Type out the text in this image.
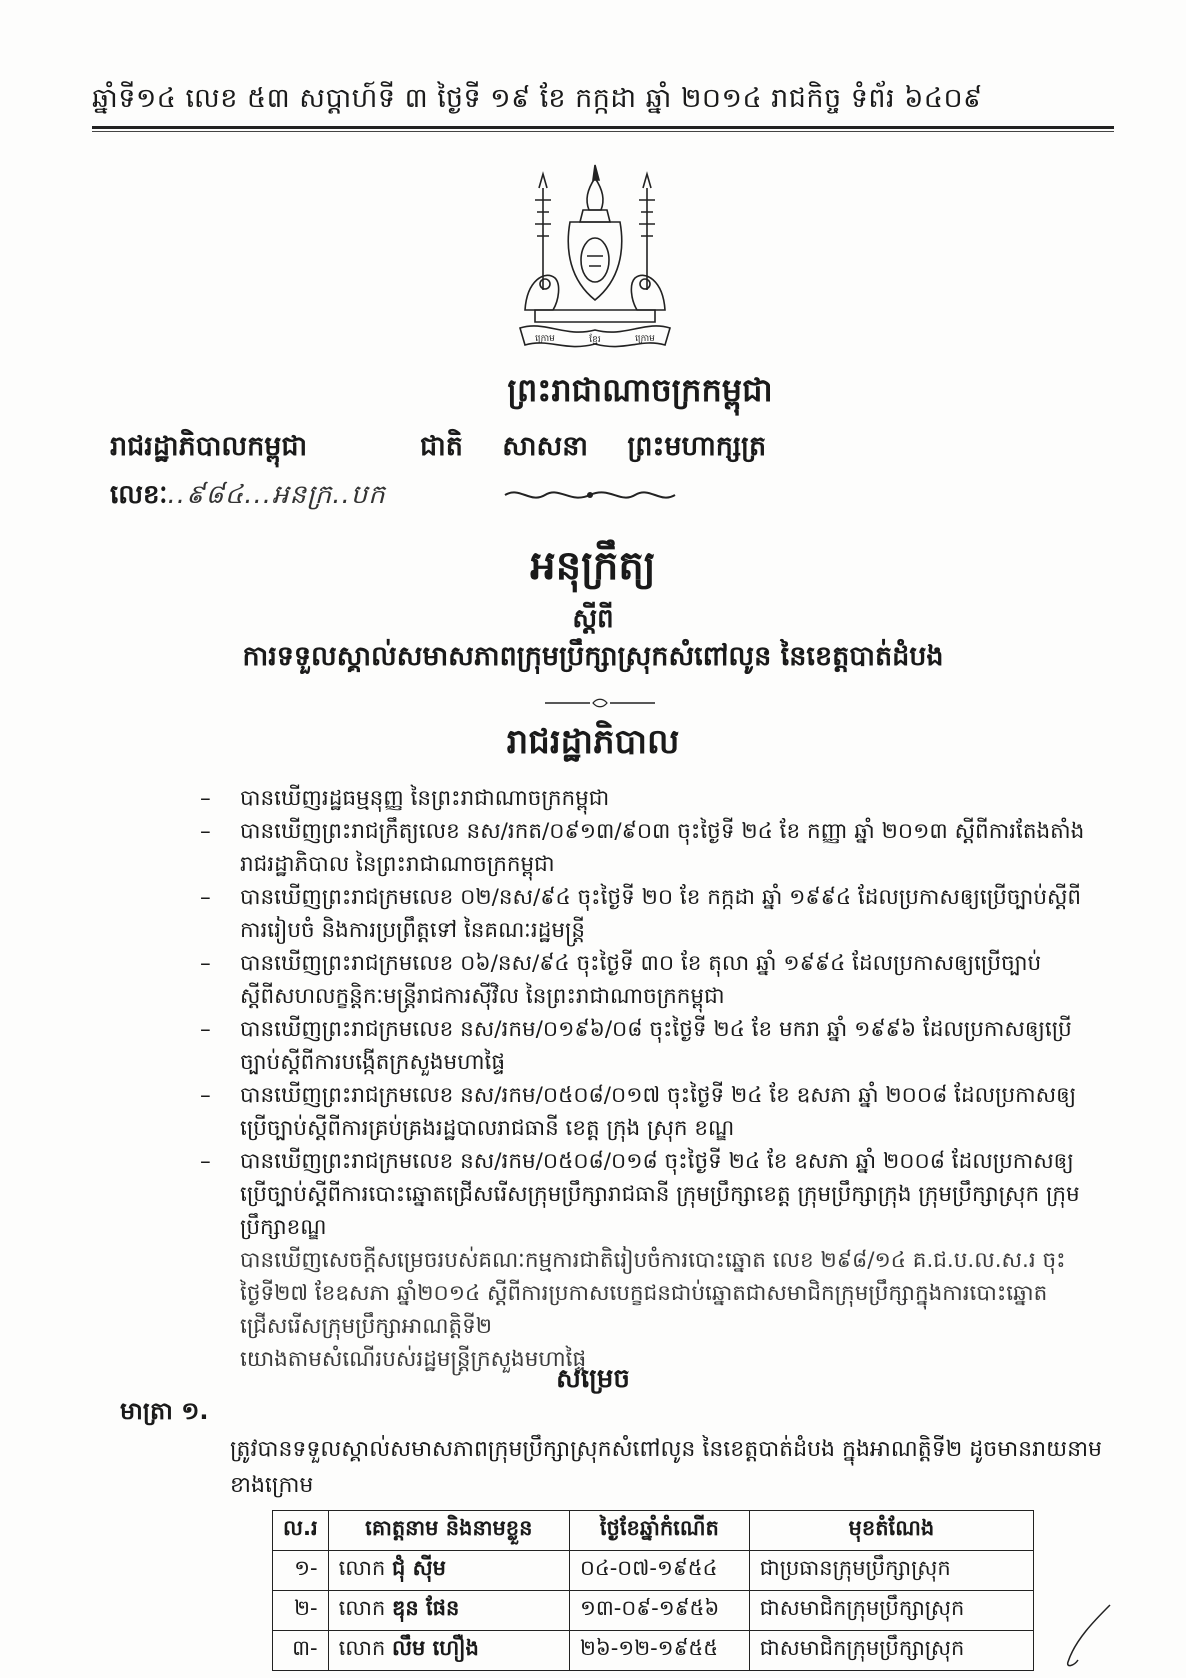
ឆ្នាំទី១៤ លេខ ៥៣ សប្តាហ៍ទី ៣ ថ្ងៃទី ១៩ ខែ កក្កដា ឆ្នាំ ២០១៤ រាជកិច្ច ទំព័រ ៦៤០៩
ក្រោម	ខ្មែរ	ក្រោម
ព្រះរាជាណាចក្រកម្ពុជា
រាជរដ្ឋាភិបាលកម្ពុជា	ជាតិ សាសនា ព្រះមហាក្សត្រ
លេខៈ..៩៨៤...អនក្រ..បក
អនុក្រឹត្យ
ស្តីពី
ការទទួលស្គាល់សមាសភាពក្រុមប្រឹក្សាស្រុកសំពៅលូន នៃខេត្តបាត់ដំបង
រាជរដ្ឋាភិបាល
– បានឃើញរដ្ឋធម្មនុញ្ញ នៃព្រះរាជាណាចក្រកម្ពុជា
– បានឃើញព្រះរាជក្រឹត្យលេខ នស/រកត/០៩១៣/៩០៣ ចុះថ្ងៃទី ២៤ ខែ កញ្ញា ឆ្នាំ ២០១៣ ស្តីពីការតែងតាំងរាជរដ្ឋាភិបាល នៃព្រះរាជាណាចក្រកម្ពុជា
– បានឃើញព្រះរាជក្រមលេខ ០២/នស/៩៤ ចុះថ្ងៃទី ២០ ខែ កក្កដា ឆ្នាំ ១៩៩៤ ដែលប្រកាសឲ្យប្រើច្បាប់ស្តីពីការរៀបចំ និងការប្រព្រឹត្តទៅ នៃគណៈរដ្ឋមន្ត្រី
– បានឃើញព្រះរាជក្រមលេខ ០៦/នស/៩៤ ចុះថ្ងៃទី ៣០ ខែ តុលា ឆ្នាំ ១៩៩៤ ដែលប្រកាសឲ្យប្រើច្បាប់ស្តីពីសហលក្ខន្តិកៈមន្ត្រីរាជការស៊ីវិល នៃព្រះរាជាណាចក្រកម្ពុជា
– បានឃើញព្រះរាជក្រមលេខ នស/រកម/០១៩៦/០៨ ចុះថ្ងៃទី ២៤ ខែ មករា ឆ្នាំ ១៩៩៦ ដែលប្រកាសឲ្យប្រើច្បាប់ស្តីពីការបង្កើតក្រសួងមហាផ្ទៃ
– បានឃើញព្រះរាជក្រមលេខ នស/រកម/០៥០៨/០១៧ ចុះថ្ងៃទី ២៤ ខែ ឧសភា ឆ្នាំ ២០០៨ ដែលប្រកាសឲ្យប្រើច្បាប់ស្តីពីការគ្រប់គ្រងរដ្ឋបាលរាជធានី ខេត្ត ក្រុង ស្រុក ខណ្ឌ
– បានឃើញព្រះរាជក្រមលេខ នស/រកម/០៥០៨/០១៨ ចុះថ្ងៃទី ២៤ ខែ ឧសភា ឆ្នាំ ២០០៨ ដែលប្រកាសឲ្យប្រើច្បាប់ស្តីពីការបោះឆ្នោតជ្រើសរើសក្រុមប្រឹក្សារាជធានី ក្រុមប្រឹក្សាខេត្ត ក្រុមប្រឹក្សាក្រុង ក្រុមប្រឹក្សាស្រុក ក្រុមប្រឹក្សាខណ្ឌ
បានឃើញសេចក្តីសម្រេចរបស់គណៈកម្មការជាតិរៀបចំការបោះឆ្នោត លេខ ២៩៨/១៤ គ.ជ.ប.ល.ស.រ ចុះថ្ងៃទី២៧ ខែឧសភា ឆ្នាំ២០១៤ ស្តីពីការប្រកាសបេក្ខជនជាប់ឆ្នោតជាសមាជិកក្រុមប្រឹក្សាក្នុងការបោះឆ្នោតជ្រើសរើសក្រុមប្រឹក្សាអាណត្តិទី២
យោងតាមសំណើរបស់រដ្ឋមន្ត្រីក្រសួងមហាផ្ទៃ
សម្រេច
មាត្រា ១.
ត្រូវបានទទួលស្គាល់សមាសភាពក្រុមប្រឹក្សាស្រុកសំពៅលូន នៃខេត្តបាត់ដំបង ក្នុងអាណត្តិទី២ ដូចមានរាយនាមខាងក្រោម
ល.រ	គោត្តនាម និងនាមខ្លួន	ថ្ងៃខែឆ្នាំកំណើត	មុខតំណែង
១-	លោក ជុំ ស៊ីម	០៤-០៧-១៩៥៤	ជាប្រធានក្រុមប្រឹក្សាស្រុក
២-	លោក ឌុន ផែន	១៣-០៩-១៩៥៦	ជាសមាជិកក្រុមប្រឹក្សាស្រុក
៣-	លោក លឹម ហឿង	២៦-១២-១៩៥៥	ជាសមាជិកក្រុមប្រឹក្សាស្រុក
